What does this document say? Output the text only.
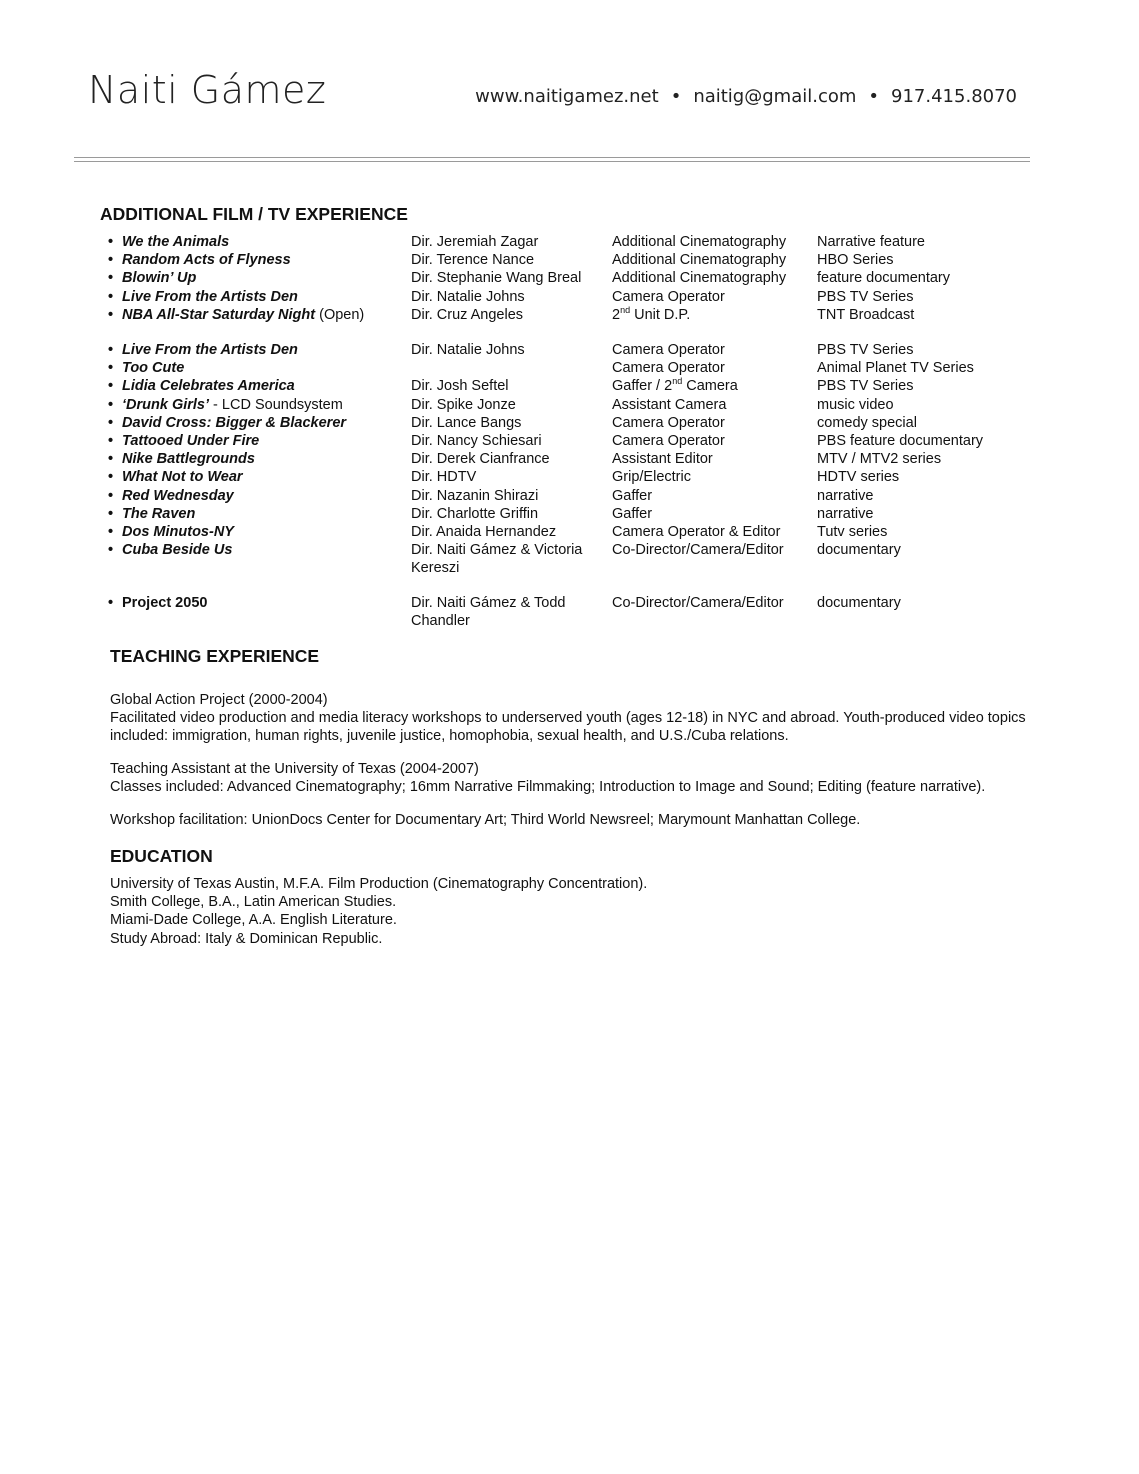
Naiti Gámez	www.naitigamez.net • naitig@gmail.com • 917.415.8070
ADDITIONAL FILM / TV EXPERIENCE
• We the Animals	Dir. Jeremiah Zagar	Additional Cinematography	Narrative feature
• Random Acts of Flyness	Dir. Terence Nance	Additional Cinematography	HBO Series
• Blowin’ Up	Dir. Stephanie Wang Breal	Additional Cinematography	feature documentary
• Live From the Artists Den	Dir. Natalie Johns	Camera Operator	PBS TV Series
• NBA All-Star Saturday Night (Open)	Dir. Cruz Angeles	2nd Unit D.P.	TNT Broadcast

• Live From the Artists Den	Dir. Natalie Johns	Camera Operator	PBS TV Series
• Too Cute		Camera Operator	Animal Planet TV Series
• Lidia Celebrates America	Dir. Josh Seftel	Gaffer / 2nd Camera	PBS TV Series
• ‘Drunk Girls’ - LCD Soundsystem	Dir. Spike Jonze	Assistant Camera	music video
• David Cross: Bigger & Blackerer	Dir. Lance Bangs	Camera Operator	comedy special
• Tattooed Under Fire	Dir. Nancy Schiesari	Camera Operator	PBS feature documentary
• Nike Battlegrounds	Dir. Derek Cianfrance	Assistant Editor	MTV / MTV2 series
• What Not to Wear	Dir. HDTV	Grip/Electric	HDTV series
• Red Wednesday	Dir. Nazanin Shirazi	Gaffer	narrative
• The Raven	Dir. Charlotte Griffin	Gaffer	narrative
• Dos Minutos-NY	Dir. Anaida Hernandez	Camera Operator & Editor	Tutv series
• Cuba Beside Us	Dir. Naiti Gámez & Victoria Kereszi	Co-Director/Camera/Editor	documentary

• Project 2050	Dir. Naiti Gámez & Todd Chandler	Co-Director/Camera/Editor	documentary
TEACHING EXPERIENCE
Global Action Project (2000-2004)
Facilitated video production and media literacy workshops to underserved youth (ages 12-18) in NYC and abroad. Youth-produced video topics included: immigration, human rights, juvenile justice, homophobia, sexual health, and U.S./Cuba relations.
Teaching Assistant at the University of Texas (2004-2007)
Classes included: Advanced Cinematography; 16mm Narrative Filmmaking; Introduction to Image and Sound; Editing (feature narrative).
Workshop facilitation: UnionDocs Center for Documentary Art; Third World Newsreel; Marymount Manhattan College.
EDUCATION
University of Texas Austin, M.F.A. Film Production (Cinematography Concentration).
Smith College, B.A., Latin American Studies.
Miami-Dade College, A.A. English Literature.
Study Abroad: Italy & Dominican Republic.
